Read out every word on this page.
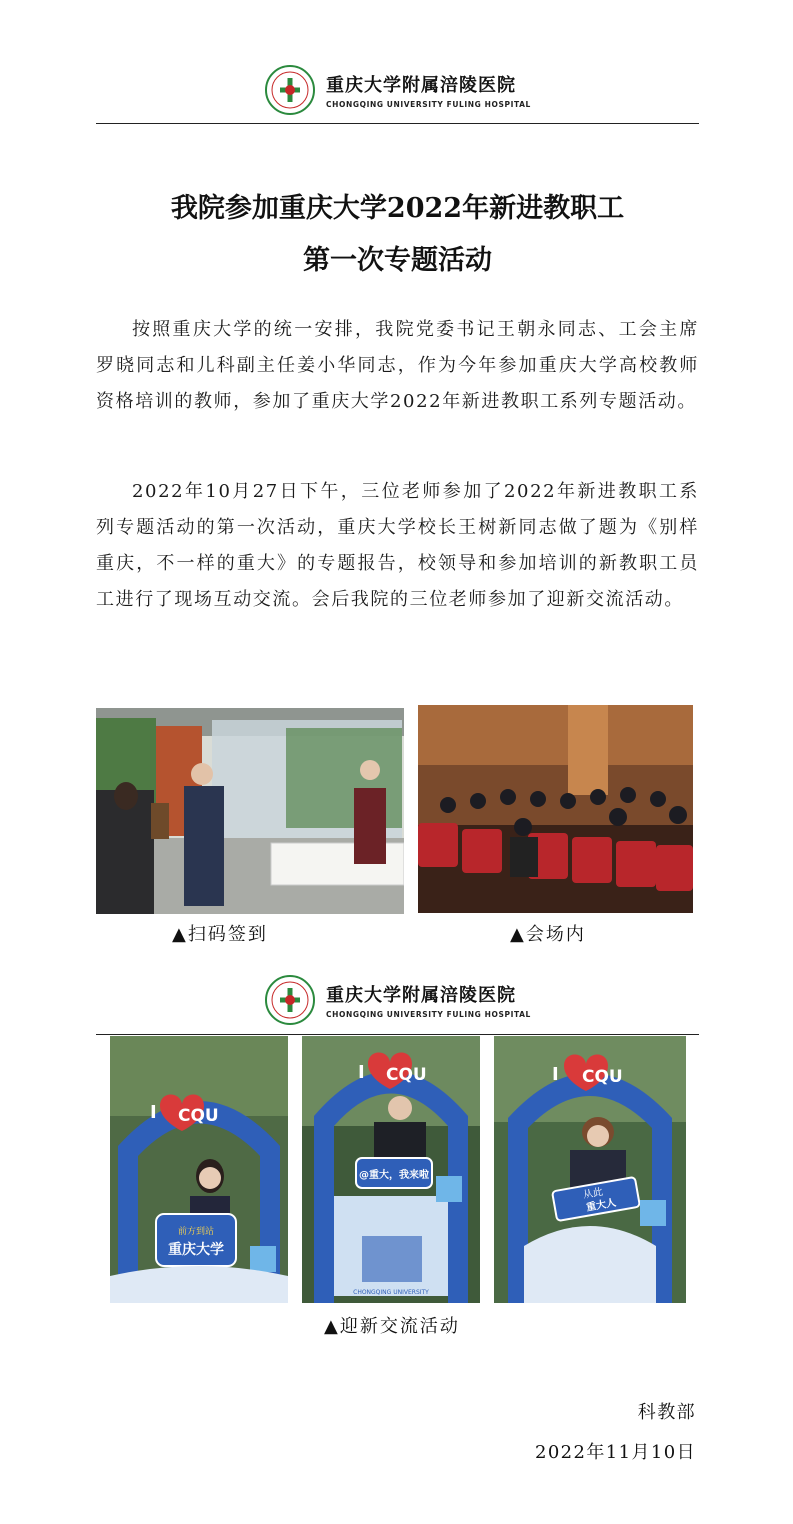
重庆大学附属涪陵医院
CHONGQING UNIVERSITY FULING HOSPITAL
我院参加重庆大学2022年新进教职工
第一次专题活动

按照重庆大学的统一安排，我院党委书记王朝永同志、工会主席罗晓同志和儿科副主任姜小华同志，作为今年参加重庆大学高校教师资格培训的教师，参加了重庆大学2022年新进教职工系列专题活动。

2022年10月27日下午，三位老师参加了2022年新进教职工系列专题活动的第一次活动，重庆大学校长王树新同志做了题为《别样重庆，不一样的重大》的专题报告，校领导和参加培训的新教职工员工进行了现场互动交流。会后我院的三位老师参加了迎新交流活动。

▲扫码签到	▲会场内
重庆大学附属涪陵医院
CHONGQING UNIVERSITY FULING HOSPITAL
I CQU
前方到站
重庆大学
I CQU
@重大，我来啦
CHONGQING UNIVERSITY
I CQU
从此
重大人
▲迎新交流活动
科教部
2022年11月10日
